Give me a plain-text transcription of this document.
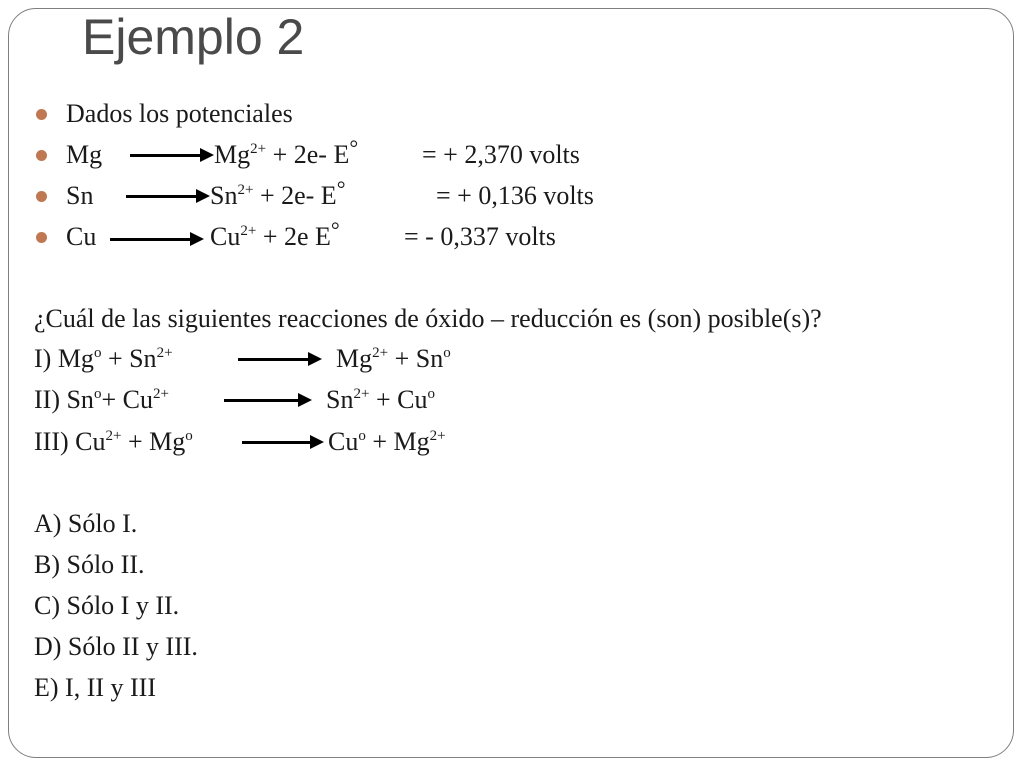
Ejemplo 2
Dados los potenciales
Mg	$Mg^{2+} + 2e-$ E° = + 2,370 volts
Sn	$Sn^{2+} + 2e-$ E°	= + 0,136 volts
Cu	$Cu^{2+} + 2e$ E° = - 0,337 volts
¿Cuál de las siguientes reacciones de óxido – reducción es (son) posible(s)?
I) $Mg^o + Sn^{2+}$	$Mg^{2+} + Sn^o$
II) $Sn^o+ Cu^{2+}$	$Sn^{2+} + Cu^o$
III) $Cu^{2+} + Mg^o$	$Cu^o + Mg^{2+}$
A) Sólo I.
B) Sólo II.
C) Sólo I y II.
D) Sólo II y III.
E) I, II y III
